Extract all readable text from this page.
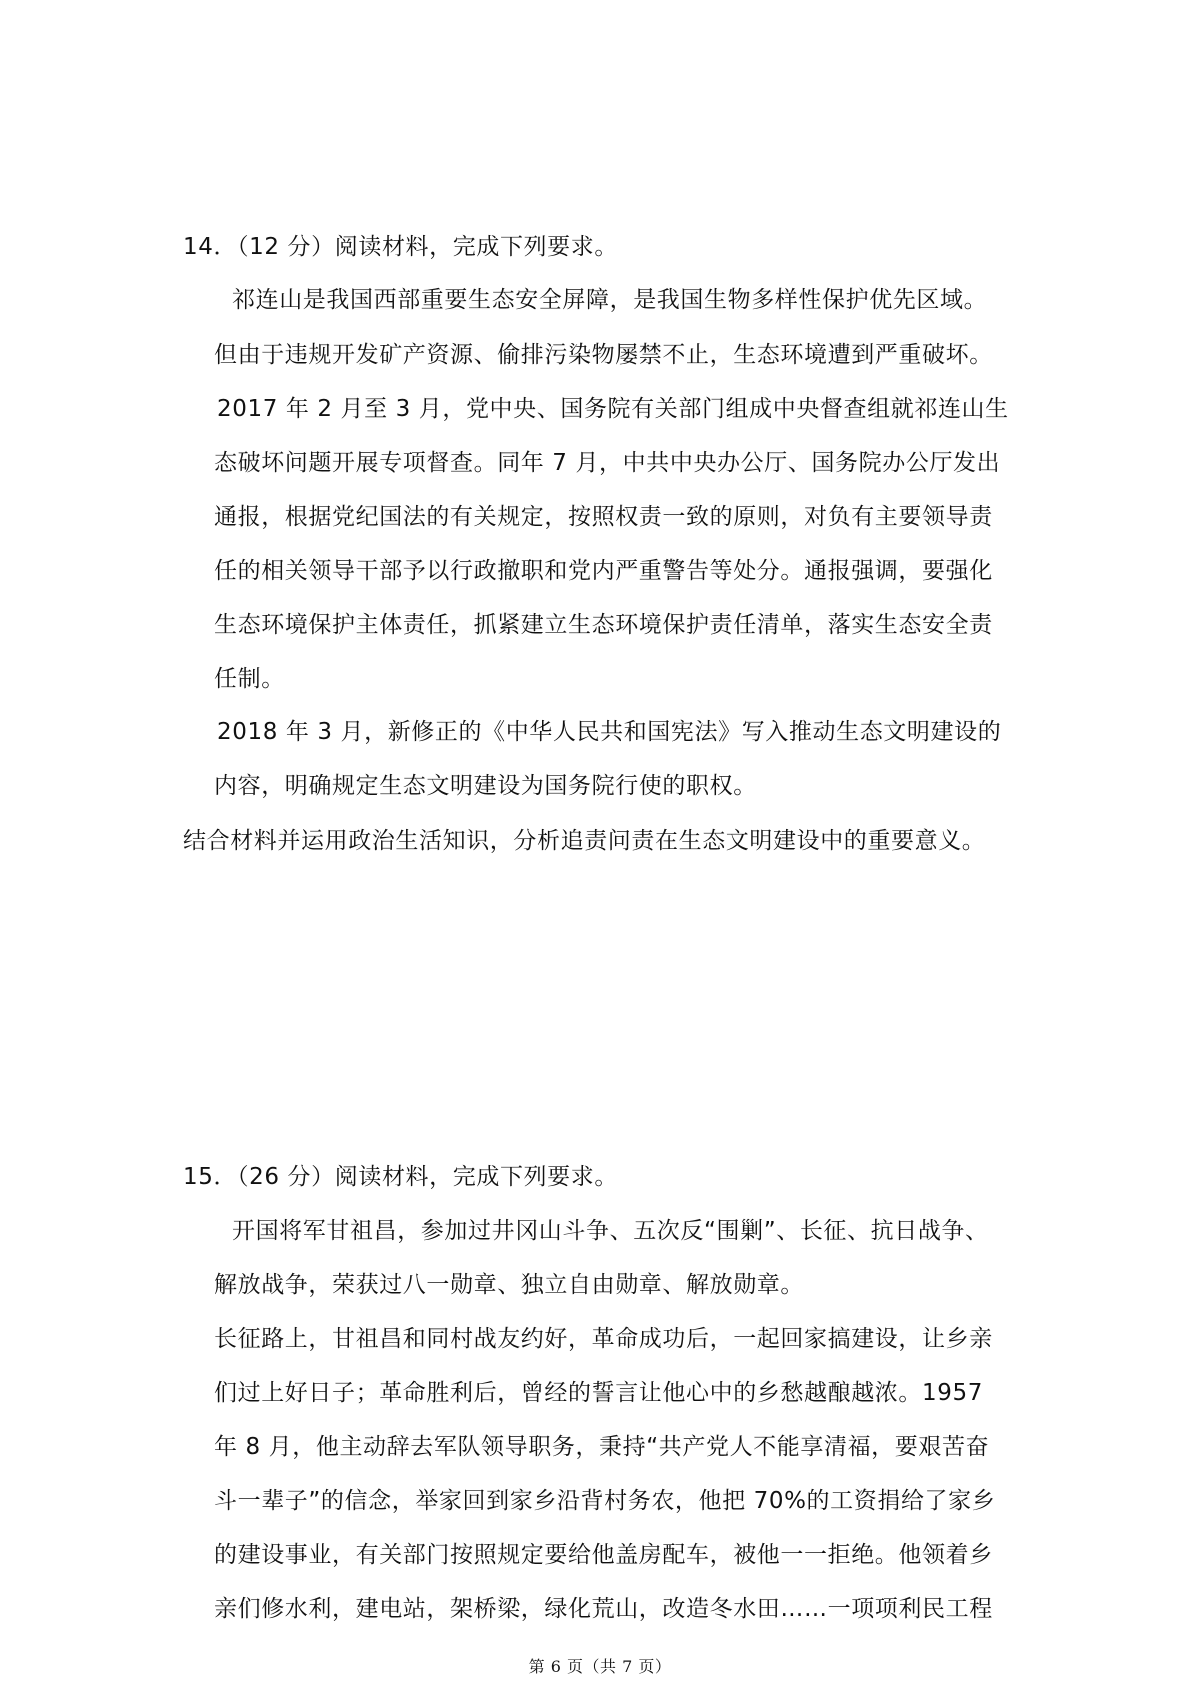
14．（12 分）阅读材料，完成下列要求。
祁连山是我国西部重要生态安全屏障，是我国生物多样性保护优先区域。
但由于违规开发矿产资源、偷排污染物屡禁不止，生态环境遭到严重破坏。
2017 年 2 月至 3 月，党中央、国务院有关部门组成中央督查组就祁连山生
态破坏问题开展专项督查。同年 7 月，中共中央办公厅、国务院办公厅发出
通报，根据党纪国法的有关规定，按照权责一致的原则，对负有主要领导责
任的相关领导干部予以行政撤职和党内严重警告等处分。通报强调，要强化
生态环境保护主体责任，抓紧建立生态环境保护责任清单，落实生态安全责
任制。
2018 年 3 月，新修正的《中华人民共和国宪法》写入推动生态文明建设的
内容，明确规定生态文明建设为国务院行使的职权。
结合材料并运用政治生活知识，分析追责问责在生态文明建设中的重要意义。
15．（26 分）阅读材料，完成下列要求。
开国将军甘祖昌，参加过井冈山斗争、五次反“围剿”、长征、抗日战争、
解放战争，荣获过八一勋章、独立自由勋章、解放勋章。
长征路上，甘祖昌和同村战友约好，革命成功后，一起回家搞建设，让乡亲
们过上好日子；革命胜利后，曾经的誓言让他心中的乡愁越酿越浓。1957
年 8 月，他主动辞去军队领导职务，秉持“共产党人不能享清福，要艰苦奋
斗一辈子”的信念，举家回到家乡沿背村务农，他把 70%的工资捐给了家乡
的建设事业，有关部门按照规定要给他盖房配车，被他一一拒绝。他领着乡
亲们修水利，建电站，架桥梁，绿化荒山，改造冬水田……一项项利民工程
第 6 页（共 7 页）
